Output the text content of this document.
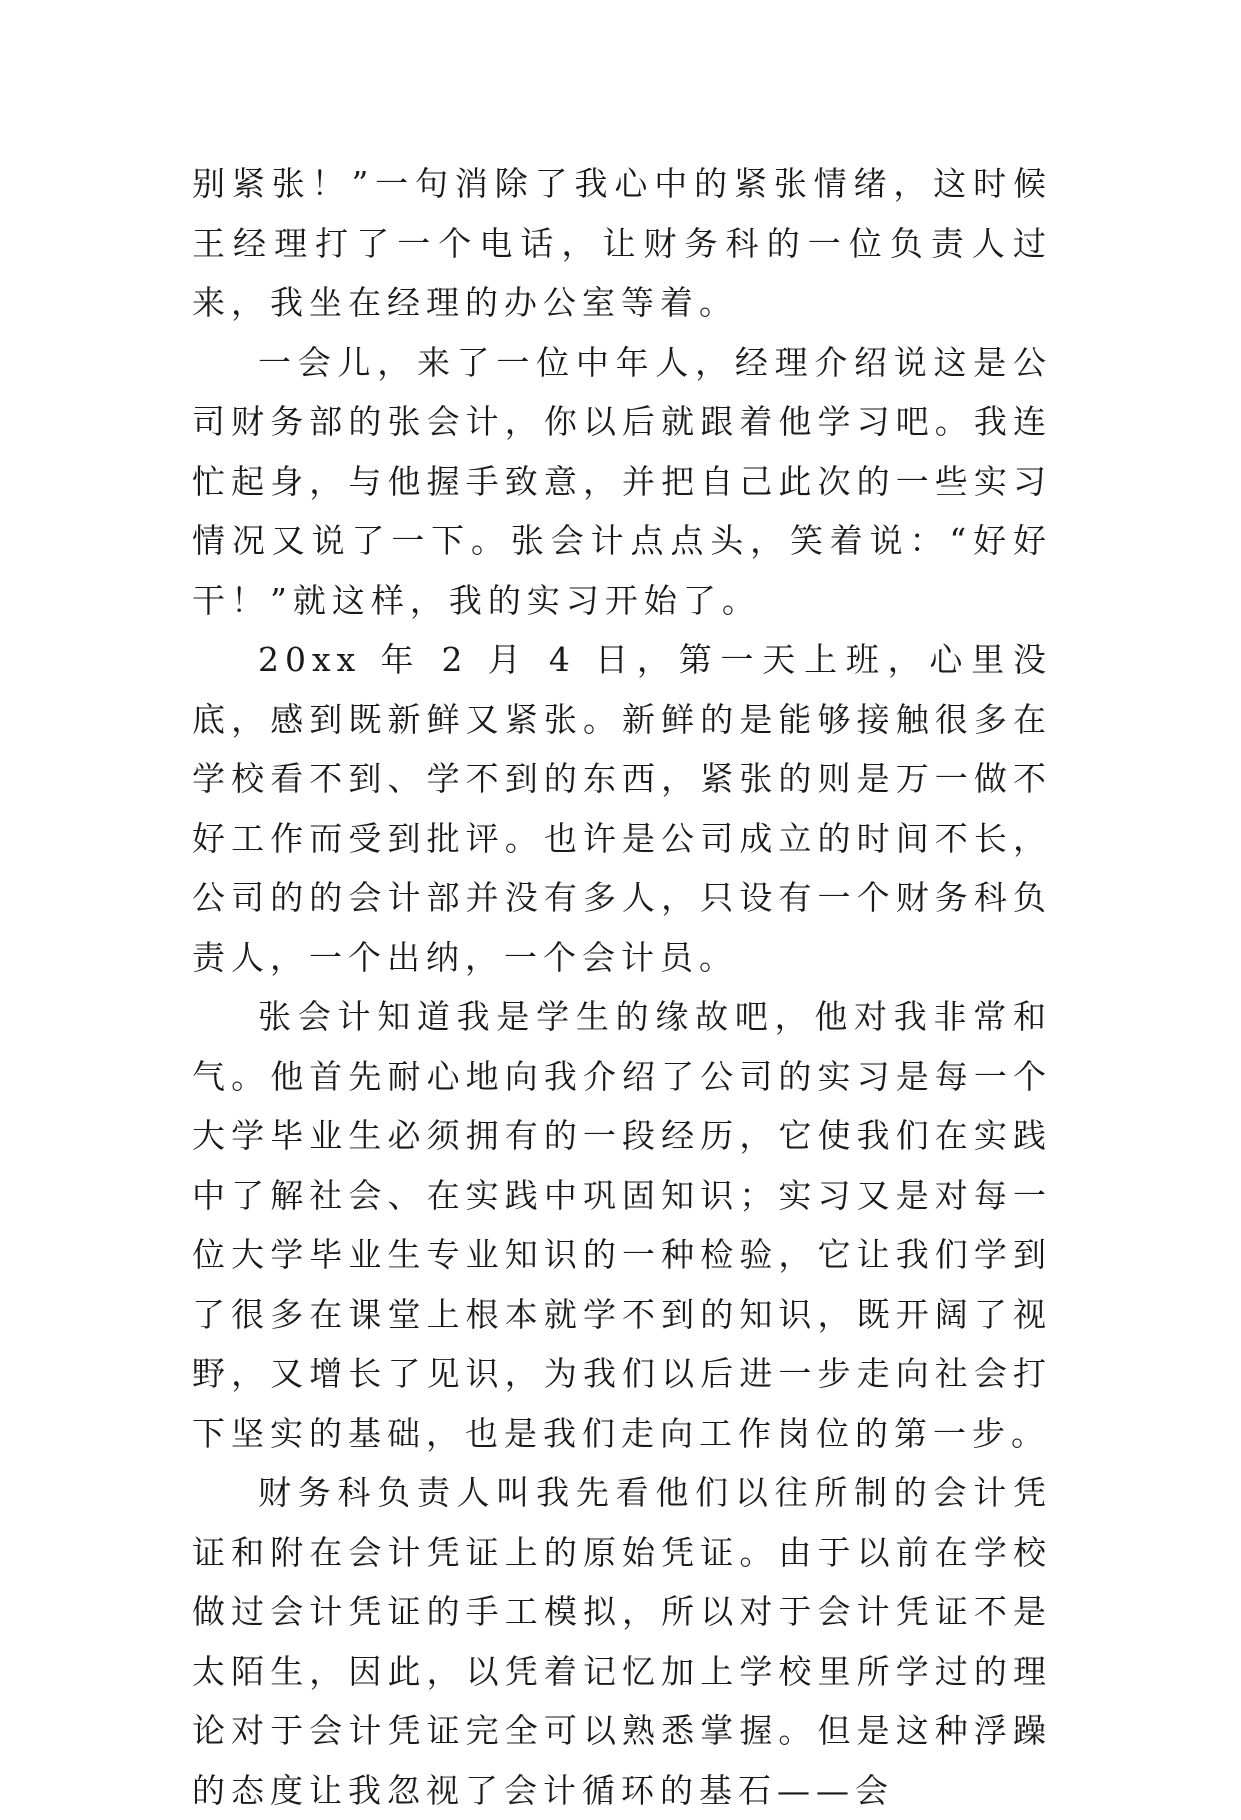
别紧张！”一句消除了我心中的紧张情绪，这时候王经理打了一个电话，让财务科的一位负责人过来，我坐在经理的办公室等着。

一会儿，来了一位中年人，经理介绍说这是公司财务部的张会计，你以后就跟着他学习吧。我连忙起身，与他握手致意，并把自己此次的一些实习情况又说了一下。张会计点点头，笑着说：“好好干！”就这样，我的实习开始了。

20xx 年 2 月 4 日，第一天上班，心里没底，感到既新鲜又紧张。新鲜的是能够接触很多在学校看不到、学不到的东西，紧张的则是万一做不好工作而受到批评。也许是公司成立的时间不长，公司的的会计部并没有多人，只设有一个财务科负责人，一个出纳，一个会计员。

张会计知道我是学生的缘故吧，他对我非常和气。他首先耐心地向我介绍了公司的实习是每一个大学毕业生必须拥有的一段经历，它使我们在实践中了解社会、在实践中巩固知识；实习又是对每一位大学毕业生专业知识的一种检验，它让我们学到了很多在课堂上根本就学不到的知识，既开阔了视野，又增长了见识，为我们以后进一步走向社会打下坚实的基础，也是我们走向工作岗位的第一步。

财务科负责人叫我先看他们以往所制的会计凭证和附在会计凭证上的原始凭证。由于以前在学校做过会计凭证的手工模拟，所以对于会计凭证不是太陌生，因此，以凭着记忆加上学校里所学过的理论对于会计凭证完全可以熟悉掌握。但是这种浮躁的态度让我忽视了会计循环的基石——会
